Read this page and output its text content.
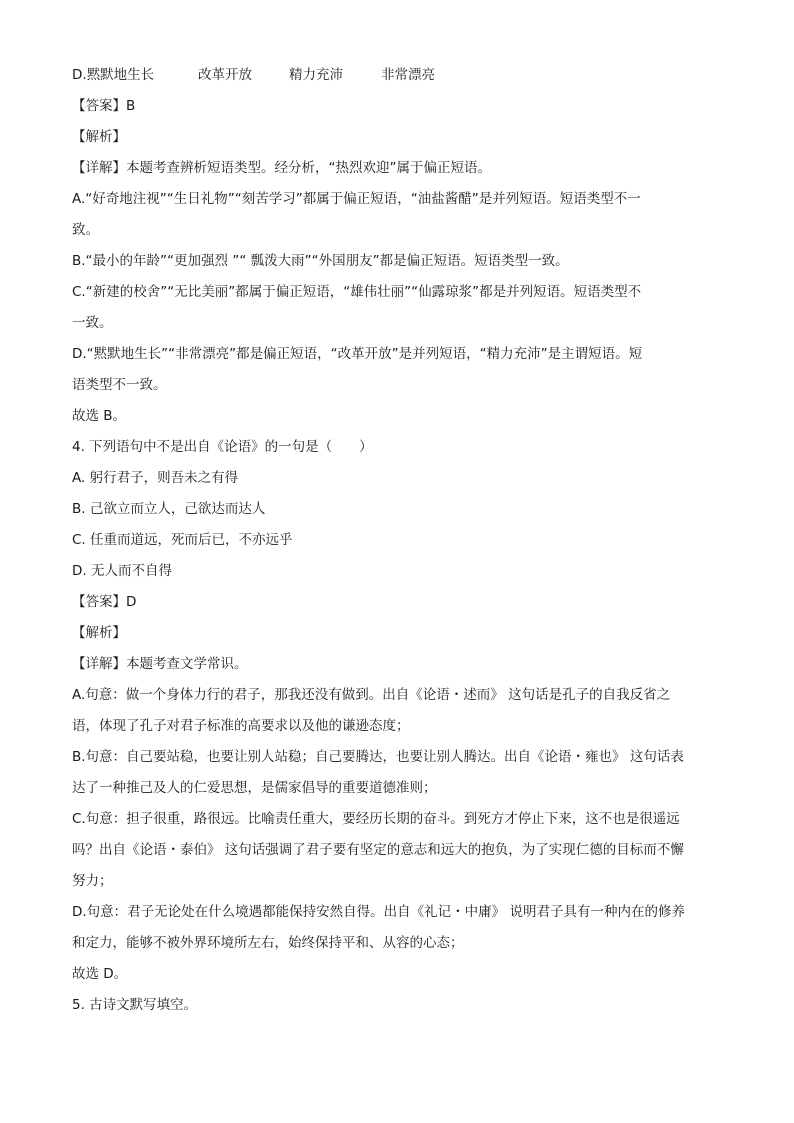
D.黙默地生长	改革开放	精力充沛	非常漂亮
【答案】B
【解析】
【详解】本题考查辨析短语类型。经分析，“热烈欢迎”属于偏正短语。
A.“好奇地注视”“生日礼物”“刻苦学习”都属于偏正短语，“油盐酱醋”是并列短语。短语类型不一
致。
B.“最小的年龄”“更加强烈 ”“ 瓢泼大雨”“外国朋友”都是偏正短语。短语类型一致。
C.“新建的校舍”“无比美丽”都属于偏正短语，“雄伟壮丽”“仙露琼浆”都是并列短语。短语类型不
一致。
D.“黙默地生长”“非常漂亮”都是偏正短语，“改革开放”是并列短语，“精力充沛”是主谓短语。短
语类型不一致。
故选 B。
4. 下列语句中不是出自《论语》的一句是（　　）
A. 躬行君子，则吾未之有得
B. 己欲立而立人，己欲达而达人
C. 任重而道远，死而后已，不亦远乎
D. 无人而不自得
【答案】D
【解析】
【详解】本题考查文学常识。
A.句意：做一个身体力行的君子，那我还没有做到。出自《论语・述而》 这句话是孔子的自我反省之
语，体现了孔子对君子标准的高要求以及他的谦逊态度；
B.句意：自己要站稳，也要让别人站稳；自己要腾达，也要让别人腾达。出自《论语・雍也》 这句话表
达了一种推己及人的仁爱思想，是儒家倡导的重要道德准则；
C.句意：担子很重，路很远。比喻责任重大，要经历长期的奋斗。到死方才停止下来，这不也是很遥远
吗？出自《论语・泰伯》 这句话强调了君子要有坚定的意志和远大的抱负，为了实现仁德的目标而不懈
努力；
D.句意：君子无论处在什么境遇都能保持安然自得。出自《礼记・中庸》 说明君子具有一种内在的修养
和定力，能够不被外界环境所左右，始终保持平和、从容的心态；
故选 D。
5. 古诗文默写填空。
